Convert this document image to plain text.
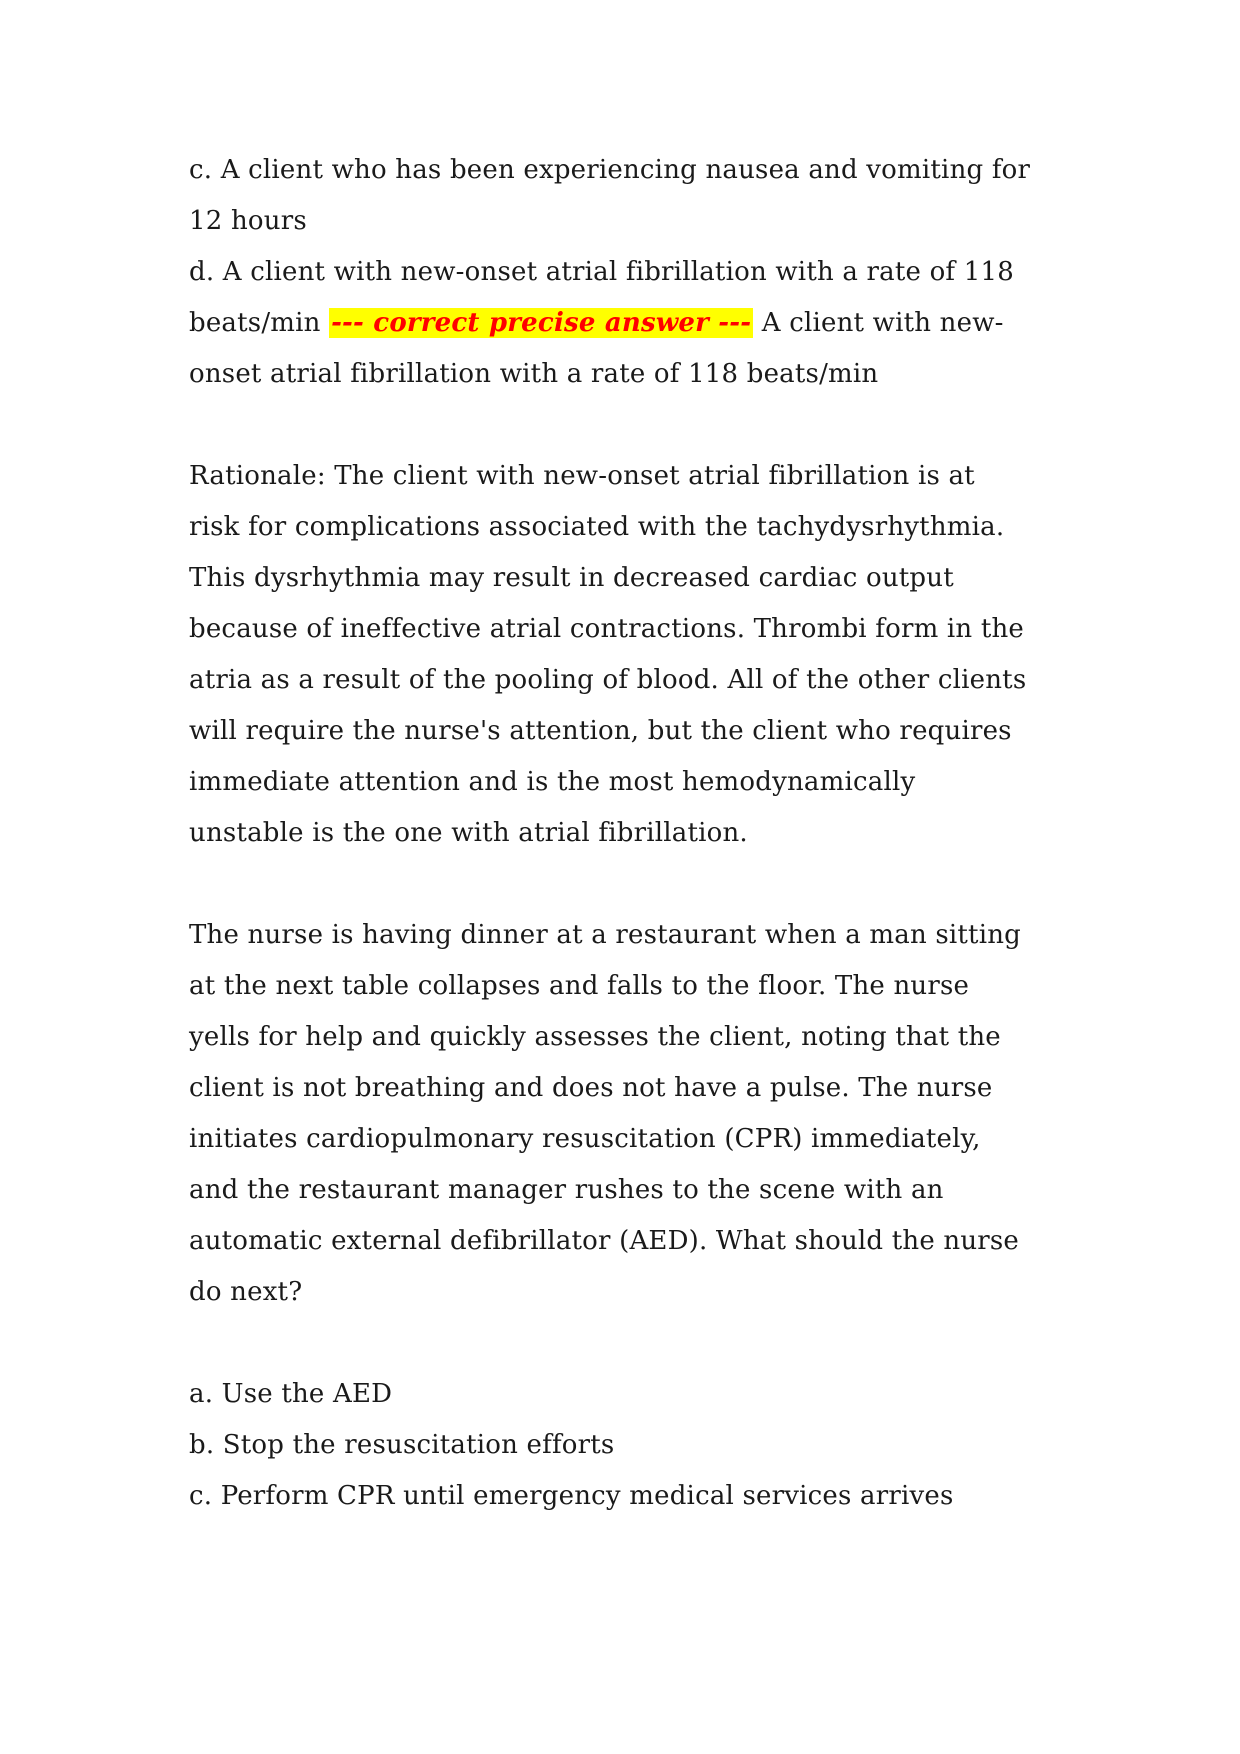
c. A client who has been experiencing nausea and vomiting for
12 hours
d. A client with new-onset atrial fibrillation with a rate of 118
beats/min --- correct precise answer --- A client with new-
onset atrial fibrillation with a rate of 118 beats/min
Rationale: The client with new-onset atrial fibrillation is at
risk for complications associated with the tachydysrhythmia.
This dysrhythmia may result in decreased cardiac output
because of ineffective atrial contractions. Thrombi form in the
atria as a result of the pooling of blood. All of the other clients
will require the nurse's attention, but the client who requires
immediate attention and is the most hemodynamically
unstable is the one with atrial fibrillation.
The nurse is having dinner at a restaurant when a man sitting
at the next table collapses and falls to the floor. The nurse
yells for help and quickly assesses the client, noting that the
client is not breathing and does not have a pulse. The nurse
initiates cardiopulmonary resuscitation (CPR) immediately,
and the restaurant manager rushes to the scene with an
automatic external defibrillator (AED). What should the nurse
do next?
a. Use the AED
b. Stop the resuscitation efforts
c. Perform CPR until emergency medical services arrives
